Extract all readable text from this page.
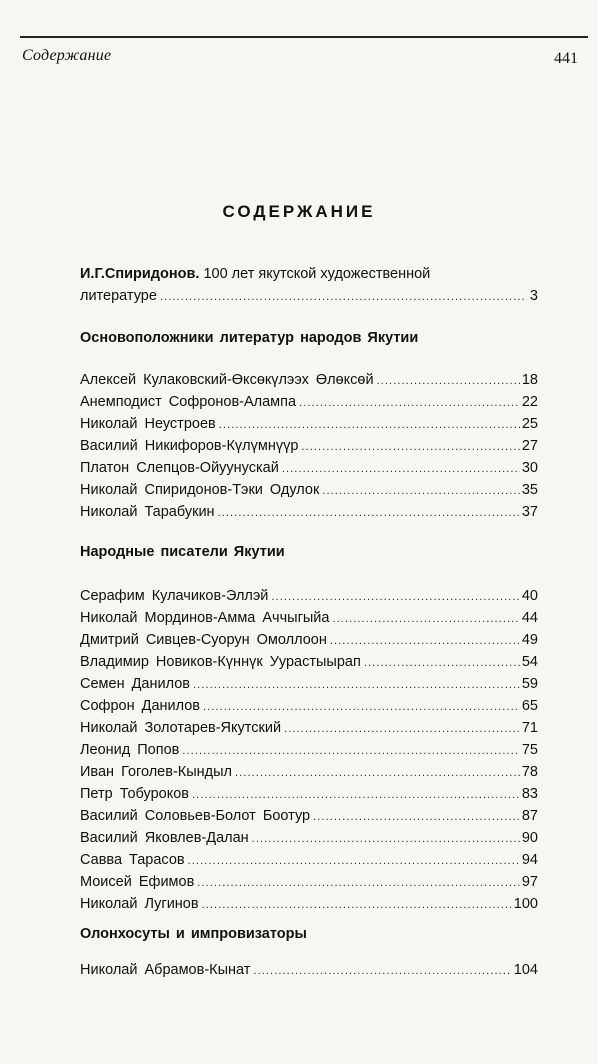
Содержание	441
СОДЕРЖАНИЕ
И.Г.Спиридонов. 100 лет якутской художественной
литературе .....	3
Основоположники литератур народов Якутии
Алексей Кулаковский-Өксөкүлээх Өлөксөй .....	18
Анемподист Софронов-Алампа .....	22
Николай Неустроев .....	25
Василий Никифоров-Күлүмнүүр .....	27
Платон Слепцов-Ойуунускай .....	30
Николай Спиридонов-Тэки Одулок .....	35
Николай Тарабукин .....	37
Народные писатели Якутии
Серафим Кулачиков-Эллэй .....	40
Николай Мординов-Амма Аччыгыйа .....	44
Дмитрий Сивцев-Суорун Омоллоон .....	49
Владимир Новиков-Күннүк Уурастыырап .....	54
Семен Данилов .....	59
Софрон Данилов .....	65
Николай Золотарев-Якутский .....	71
Леонид Попов .....	75
Иван Гоголев-Кындыл .....	78
Петр Тобуроков .....	83
Василий Соловьев-Болот Боотур .....	87
Василий Яковлев-Далан .....	90
Савва Тарасов .....	94
Моисей Ефимов .....	97
Николай Лугинов .....	100
Олонхосуты и импровизаторы
Николай Абрамов-Кынат .....	104
